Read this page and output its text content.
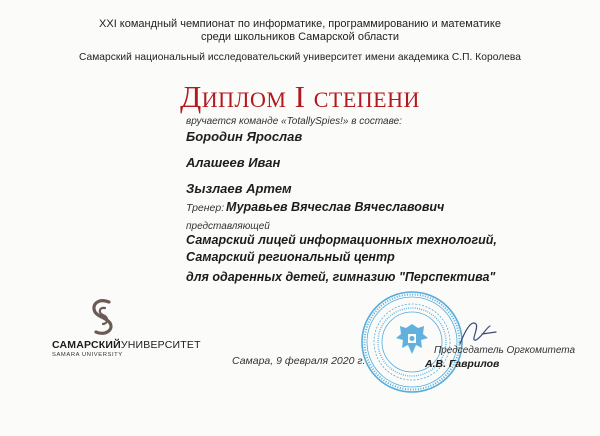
XXI командный чемпионат по информатике, программированию и математике
среди школьников Самарской области
Самарский национальный исследовательский университет имени академика С.П. Королева
Диплом I степени
вручается команде «TotallySpies!» в составе:
Бородин Ярослав
Алашеев Иван
Зызлаев Артем
Тренер: Муравьев Вячеслав Вячеславович
представляющей
Самарский лицей информационных технологий,
Самарский региональный центр
для одаренных детей, гимназию "Перспектива"
САМАРСКИЙУНИВЕРСИТЕТ
SAMARA UNIVERSITY	Самара, 9 февраля 2020 г.
Председатель Оргкомитета
А.В. Гаврилов
